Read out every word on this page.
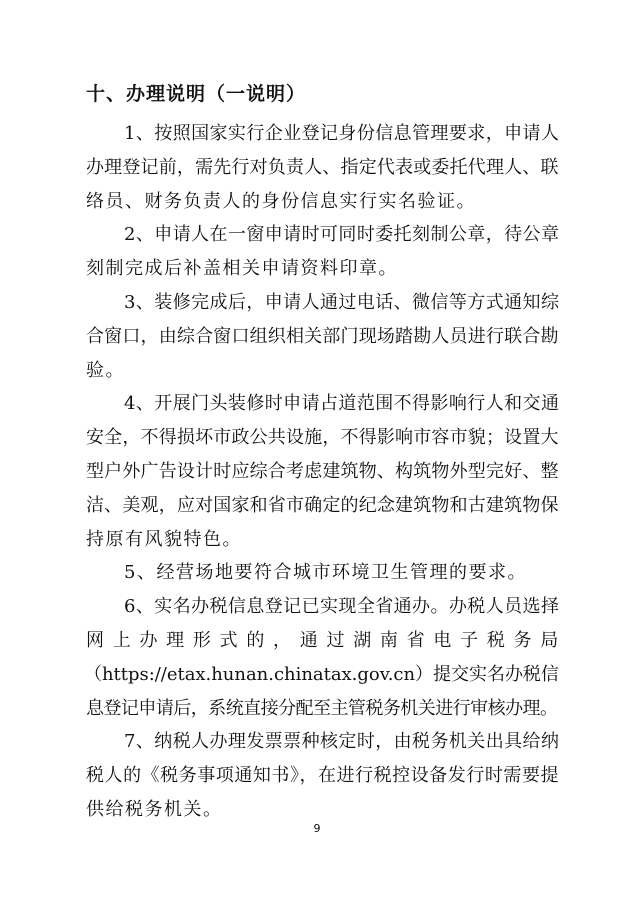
十、办理说明（一说明）
1、按照国家实行企业登记身份信息管理要求，申请人
办理登记前，需先行对负责人、指定代表或委托代理人、联
络员、财务负责人的身份信息实行实名验证。
2、申请人在一窗申请时可同时委托刻制公章，待公章
刻制完成后补盖相关申请资料印章。
3、装修完成后，申请人通过电话、微信等方式通知综
合窗口，由综合窗口组织相关部门现场踏勘人员进行联合勘
验。
4、开展门头装修时申请占道范围不得影响行人和交通
安全，不得损坏市政公共设施，不得影响市容市貌；设置大
型户外广告设计时应综合考虑建筑物、构筑物外型完好、整
洁、美观，应对国家和省市确定的纪念建筑物和古建筑物保
持原有风貌特色。
5、经营场地要符合城市环境卫生管理的要求。
6、实名办税信息登记已实现全省通办。办税人员选择
网 上 办 理 形 式 的 ， 通 过 湖 南 省 电 子 税 务 局
（https://etax.hunan.chinatax.gov.cn）提交实名办税信
息登记申请后，系统直接分配至主管税务机关进行审核办理。
7、纳税人办理发票票种核定时，由税务机关出具给纳
税人的《税务事项通知书》，在进行税控设备发行时需要提
供给税务机关。
9
